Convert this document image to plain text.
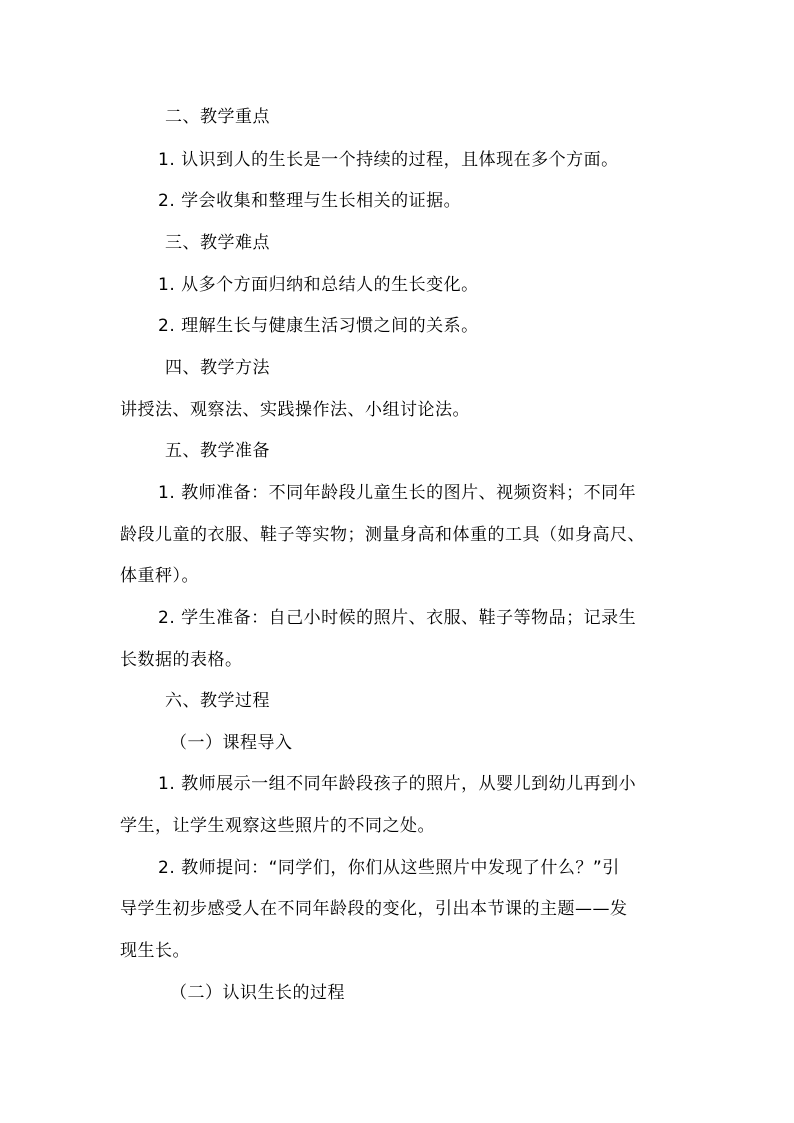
二、教学重点
1. 认识到人的生长是一个持续的过程，且体现在多个方面。
2. 学会收集和整理与生长相关的证据。
三、教学难点
1. 从多个方面归纳和总结人的生长变化。
2. 理解生长与健康生活习惯之间的关系。
四、教学方法
讲授法、观察法、实践操作法、小组讨论法。
五、教学准备
1. 教师准备：不同年龄段儿童生长的图片、视频资料；不同年
龄段儿童的衣服、鞋子等实物；测量身高和体重的工具（如身高尺、
体重秤）。
2. 学生准备：自己小时候的照片、衣服、鞋子等物品；记录生
长数据的表格。
六、教学过程
（一）课程导入
1. 教师展示一组不同年龄段孩子的照片，从婴儿到幼儿再到小
学生，让学生观察这些照片的不同之处。
2. 教师提问：“同学们，你们从这些照片中发现了什么？”引
导学生初步感受人在不同年龄段的变化，引出本节课的主题——发
现生长。
（二）认识生长的过程
